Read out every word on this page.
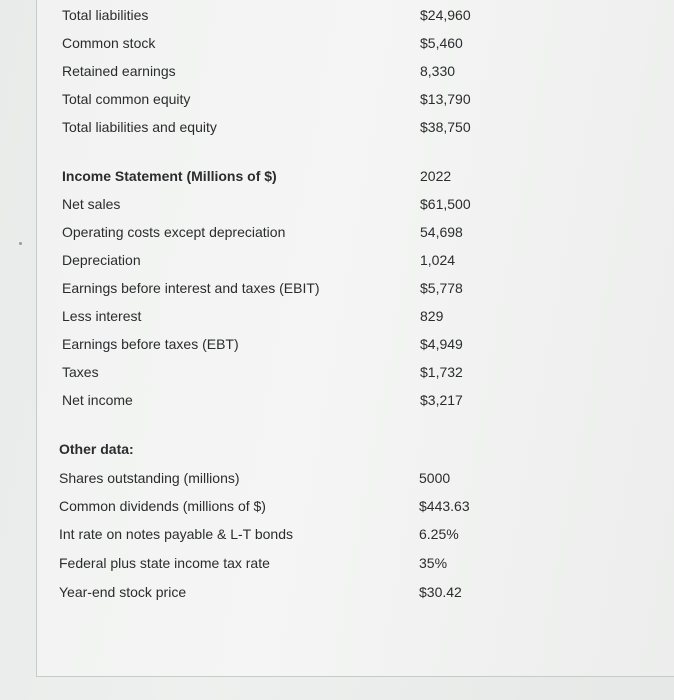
Total liabilities	$24,960
Common stock	$5,460
Retained earnings	8,330
Total common equity	$13,790
Total liabilities and equity	$38,750
Income Statement (Millions of $)	2022
Net sales	$61,500
Operating costs except depreciation	54,698
Depreciation	1,024
Earnings before interest and taxes (EBIT)	$5,778
Less interest	829
Earnings before taxes (EBT)	$4,949
Taxes	$1,732
Net income	$3,217
Other data:
Shares outstanding (millions)	5000
Common dividends (millions of $)	$443.63
Int rate on notes payable & L-T bonds	6.25%
Federal plus state income tax rate	35%
Year-end stock price	$30.42
